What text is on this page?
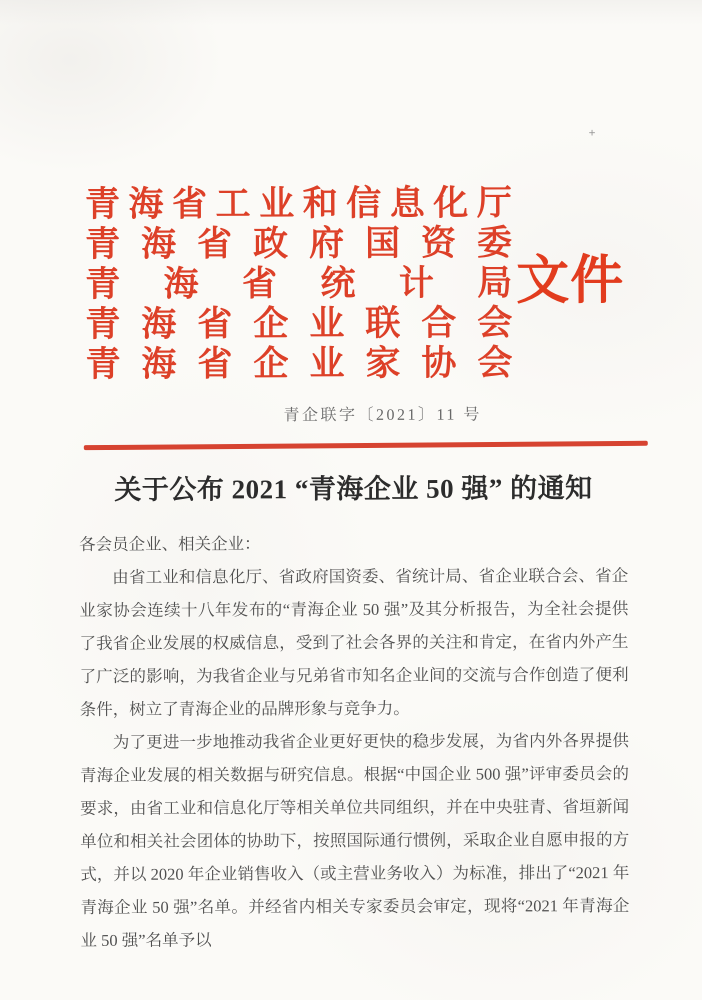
+
青 海 省 工 业 和 信 息 化 厅
青 海 省 政 府 国 资 委
青 海 省 统 计 局
青 海 省 企 业 联 合 会
青 海 省 企 业 家 协 会
文件
青企联字〔2021〕11 号
关于公布 2021 “青海企业 50 强” 的通知

各会员企业、相关企业：

由省工业和信息化厅、省政府国资委、省统计局、省企业联合会、省企业家协会连续十八年发布的“青海企业 50 强”及其分析报告，为全社会提供了我省企业发展的权威信息，受到了社会各界的关注和肯定，在省内外产生了广泛的影响，为我省企业与兄弟省市知名企业间的交流与合作创造了便利条件，树立了青海企业的品牌形象与竞争力。

为了更进一步地推动我省企业更好更快的稳步发展，为省内外各界提供青海企业发展的相关数据与研究信息。根据“中国企业 500 强”评审委员会的要求，由省工业和信息化厅等相关单位共同组织，并在中央驻青、省垣新闻单位和相关社会团体的协助下，按照国际通行惯例，采取企业自愿申报的方式，并以 2020 年企业销售收入（或主营业务收入）为标准，排出了“2021 年青海企业 50 强”名单。并经省内相关专家委员会审定，现将“2021 年青海企业 50 强”名单予以
